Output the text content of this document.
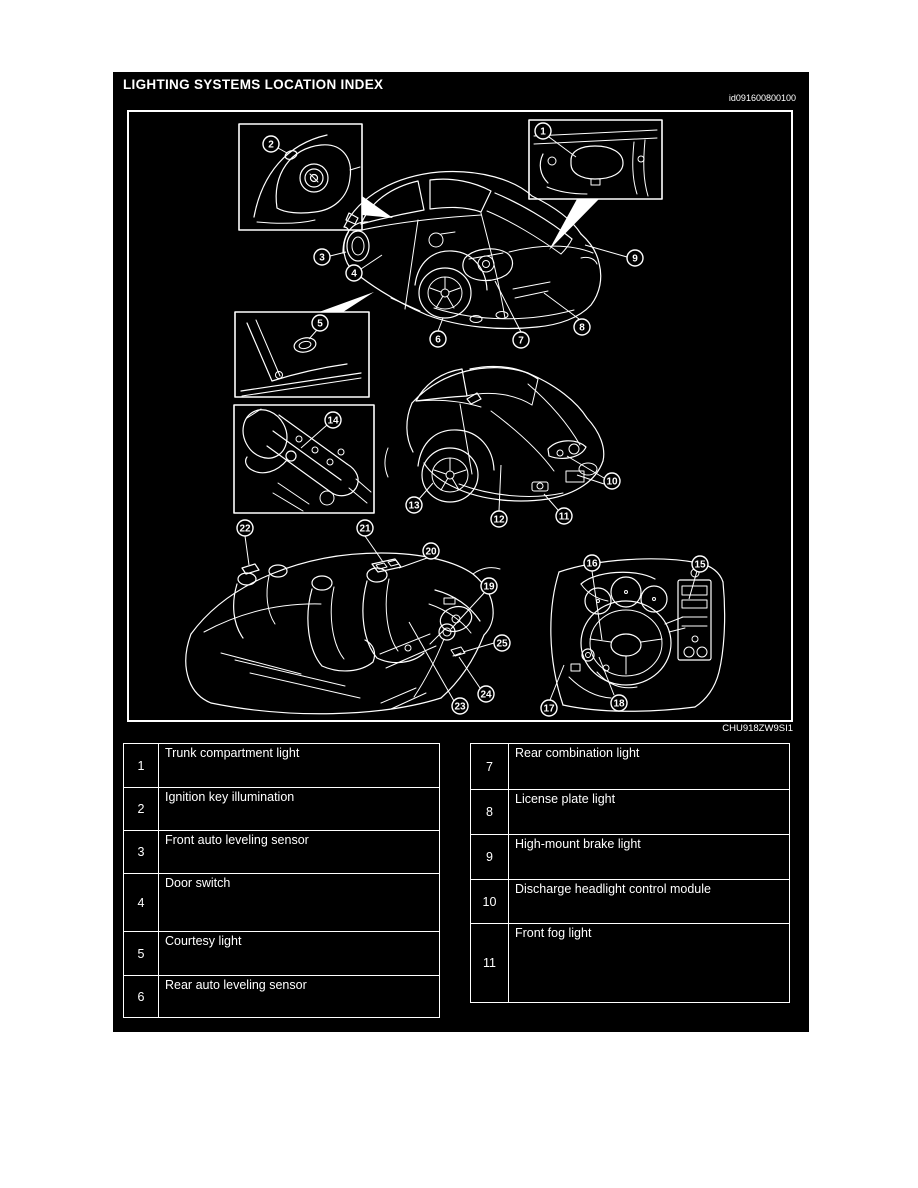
LIGHTING SYSTEMS LOCATION INDEX
id091600800100
1
2
3
4
5
6	7
8
9
10
11
12
13
14
15
16
17	18
19
20
21
22
23
24
25
CHU918ZW9SI1
1	Trunk compartment light
2	Ignition key illumination
3	Front auto leveling sensor
4	Door switch
5	Courtesy light
6	Rear auto leveling sensor
7	Rear combination light
8	License plate light
9	High-mount brake light
10	Discharge headlight control module
11	Front fog light
